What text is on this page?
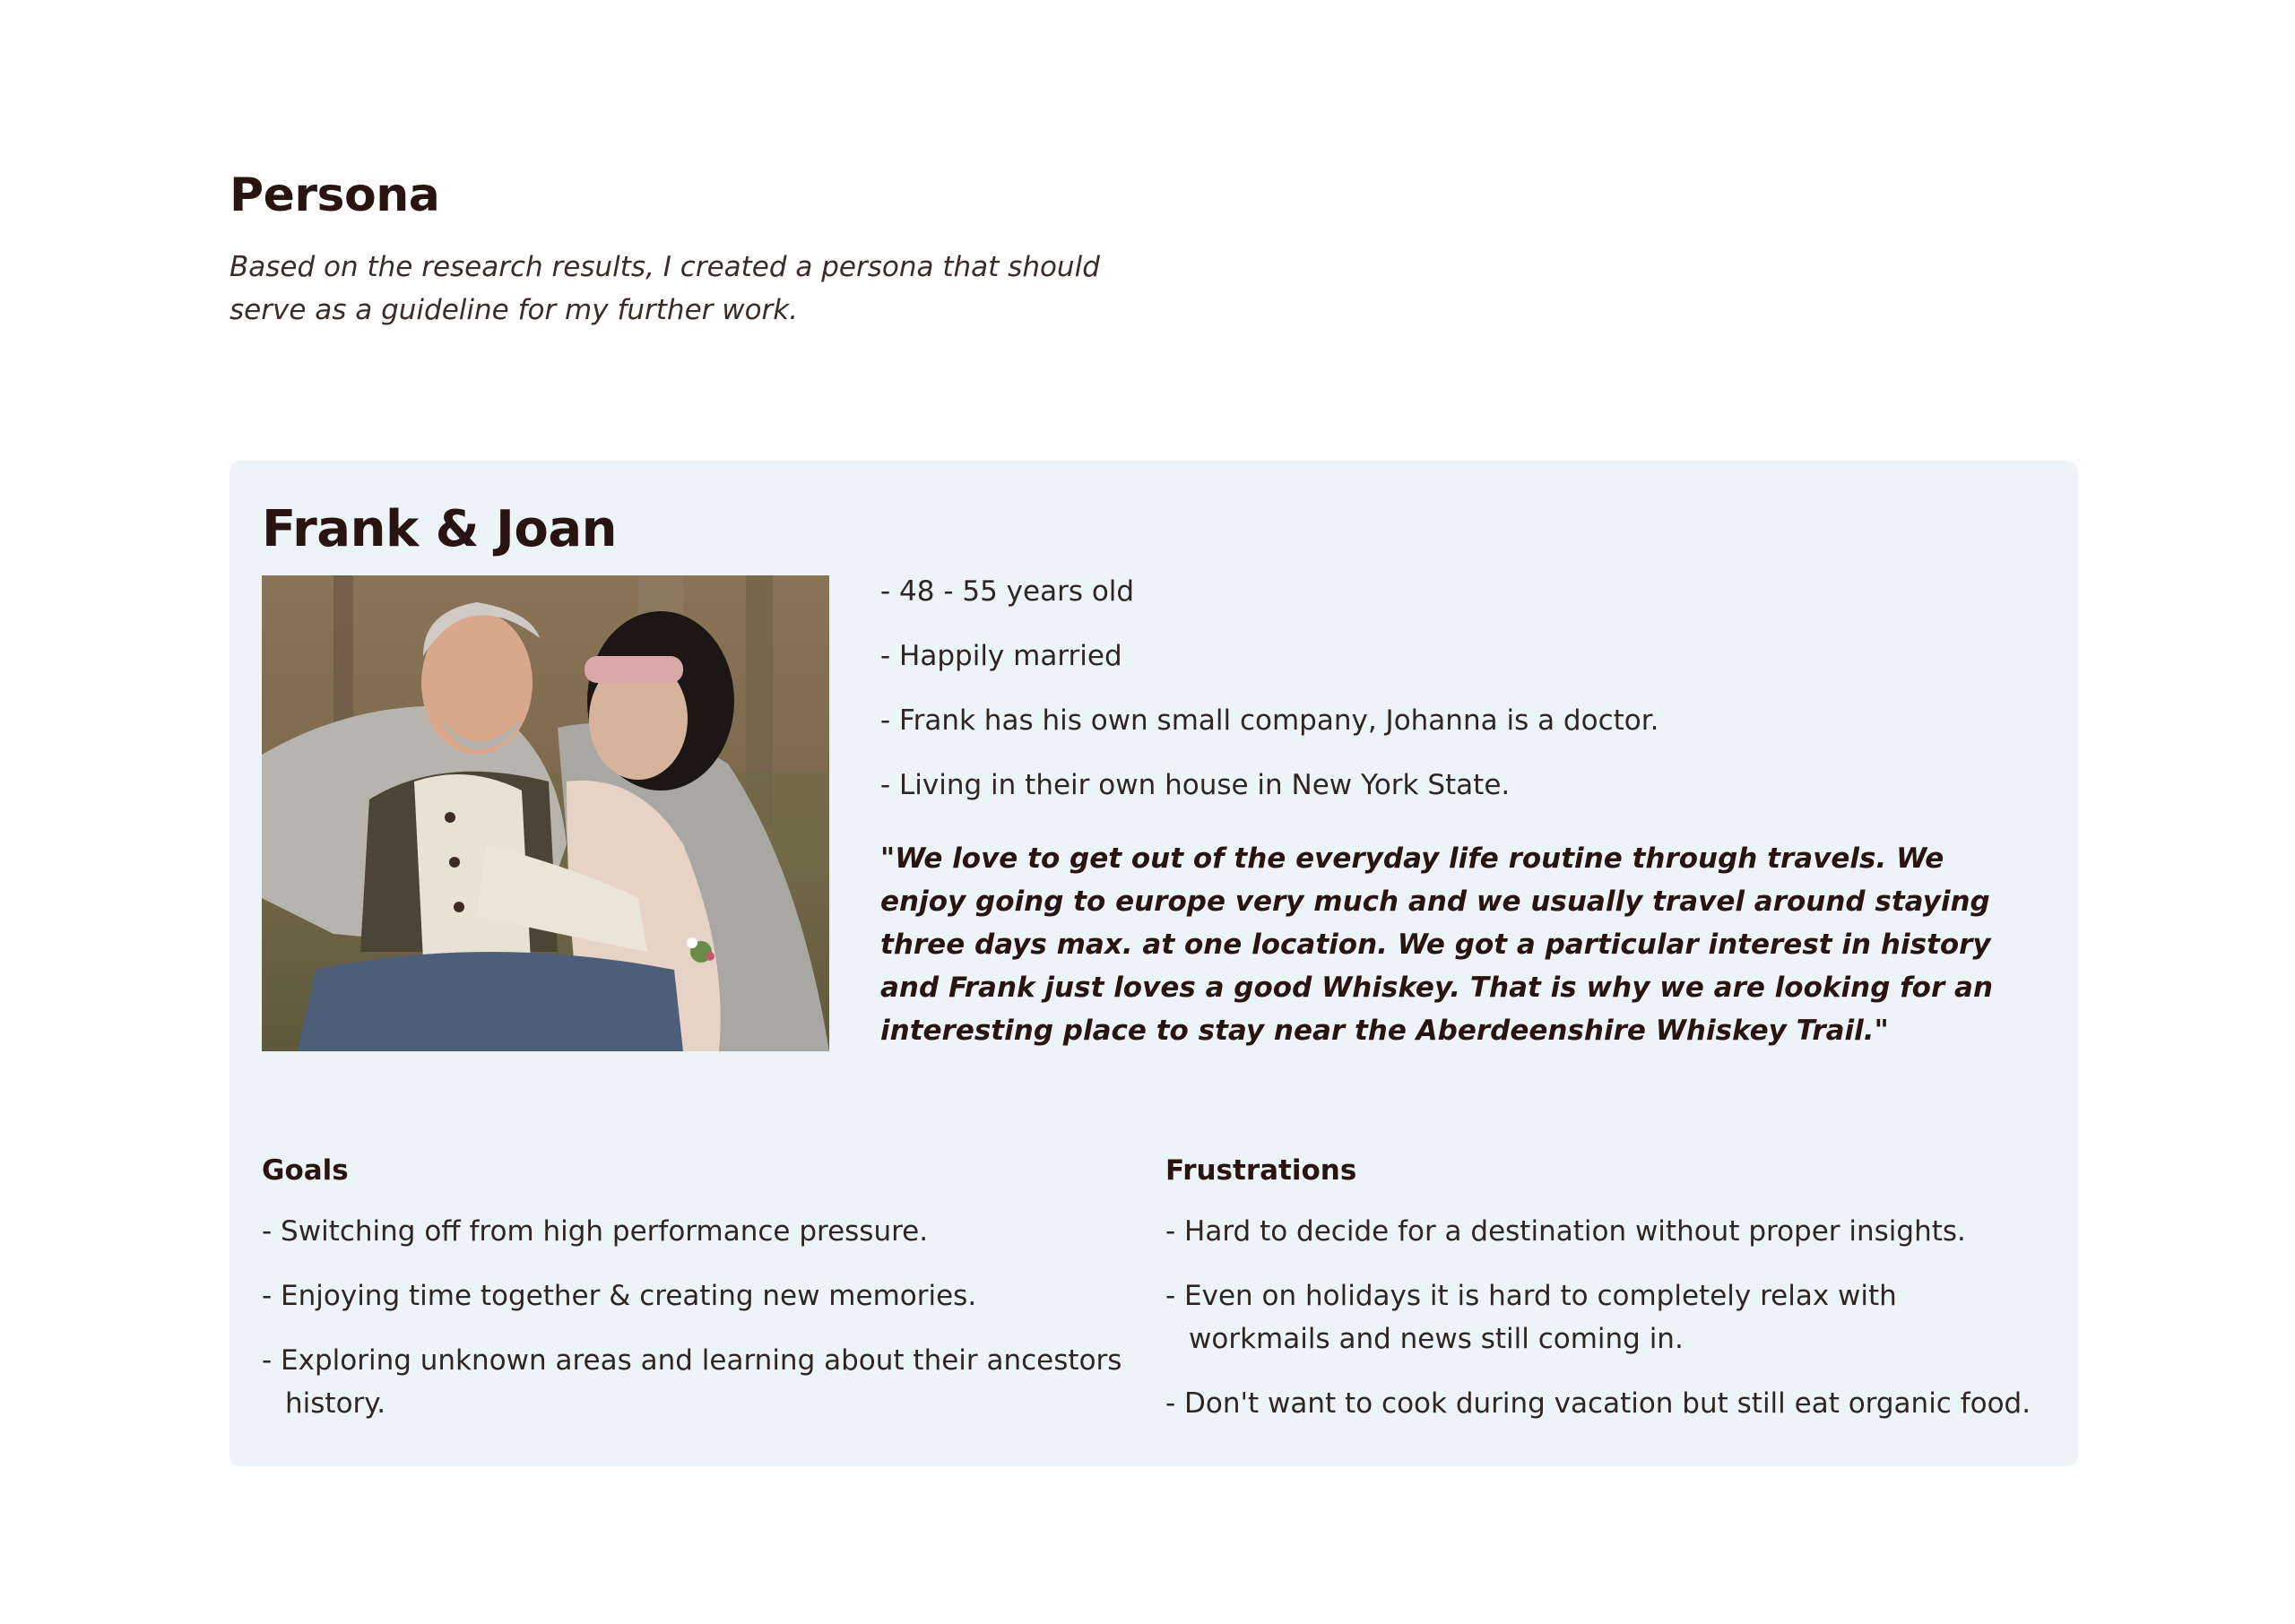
Persona

Based on the research results, I created a persona that should serve as a guideline for my further work.

Frank & Joan
- 48 - 55 years old
- Happily married
- Frank has his own small company, Johanna is a doctor.
- Living in their own house in New York State.

"We love to get out of the everyday life routine through travels. We enjoy going to europe very much and we usually travel around staying three days max. at one location. We got a particular interest in history and Frank just loves a good Whiskey. That is why we are looking for an interesting place to stay near the Aberdeenshire Whiskey Trail."

Goals
- Switching off from high performance pressure.
- Enjoying time together & creating new memories.
- Exploring unknown areas and learning about their ancestors history.
Frustrations
- Hard to decide for a destination without proper insights.
- Even on holidays it is hard to completely relax with workmails and news still coming in.
- Don't want to cook during vacation but still eat organic food.
